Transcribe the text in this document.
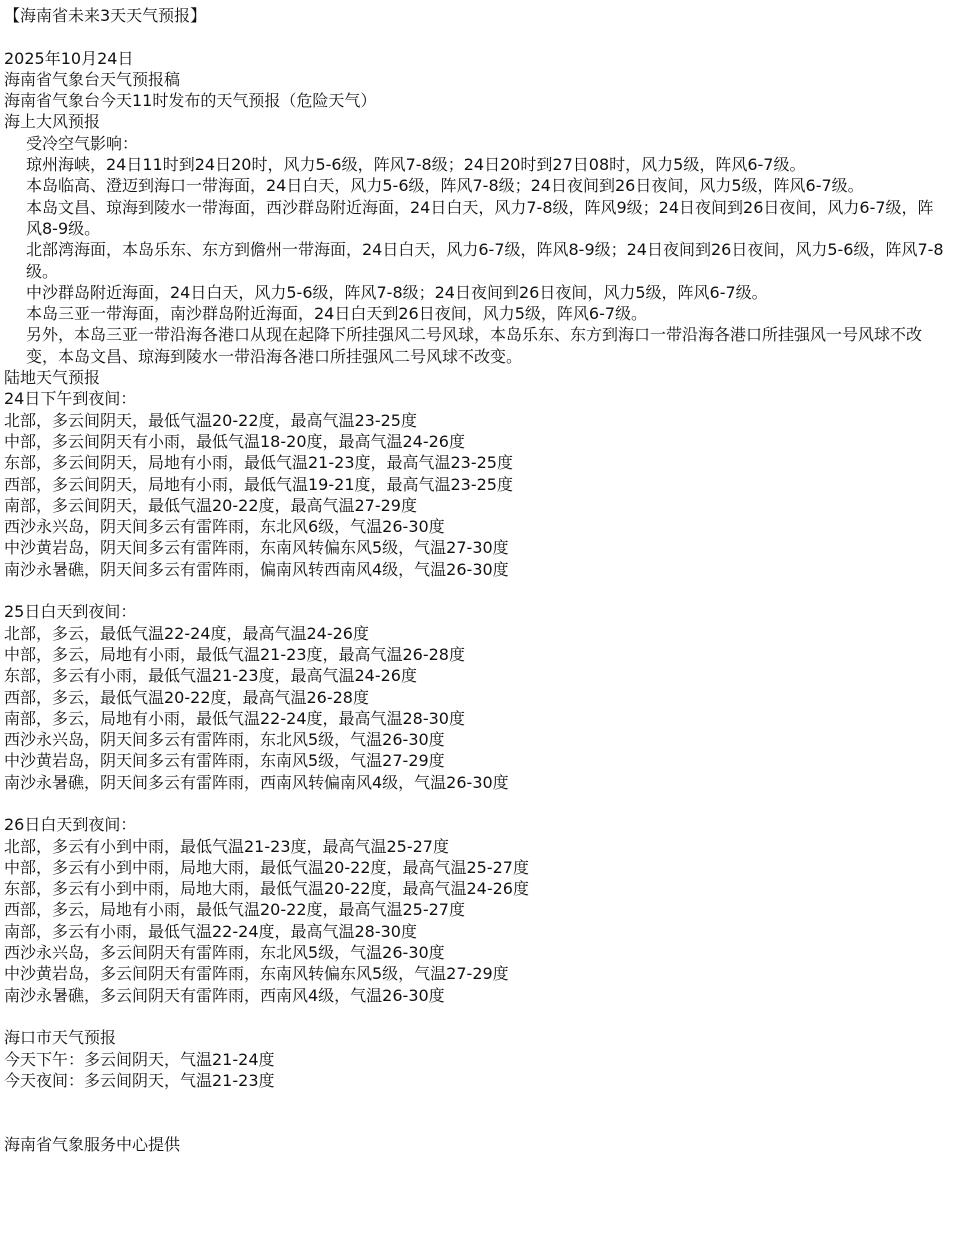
【海南省未来3天天气预报】
2025年10月24日
海南省气象台天气预报稿
海南省气象台今天11时发布的天气预报（危险天气）
海上大风预报
受冷空气影响：
琼州海峡，24日11时到24日20时，风力5-6级，阵风7-8级；24日20时到27日08时，风力5级，阵风6-7级。
本岛临高、澄迈到海口一带海面，24日白天，风力5-6级，阵风7-8级；24日夜间到26日夜间，风力5级，阵风6-7级。
本岛文昌、琼海到陵水一带海面，西沙群岛附近海面，24日白天，风力7-8级，阵风9级；24日夜间到26日夜间，风力6-7级，阵风8-9级。
北部湾海面，本岛乐东、东方到儋州一带海面，24日白天，风力6-7级，阵风8-9级；24日夜间到26日夜间，风力5-6级，阵风7-8级。
中沙群岛附近海面，24日白天，风力5-6级，阵风7-8级；24日夜间到26日夜间，风力5级，阵风6-7级。
本岛三亚一带海面，南沙群岛附近海面，24日白天到26日夜间，风力5级，阵风6-7级。
另外，本岛三亚一带沿海各港口从现在起降下所挂强风二号风球，本岛乐东、东方到海口一带沿海各港口所挂强风一号风球不改变，本岛文昌、琼海到陵水一带沿海各港口所挂强风二号风球不改变。
陆地天气预报
24日下午到夜间：
北部，多云间阴天，最低气温20-22度，最高气温23-25度
中部，多云间阴天有小雨，最低气温18-20度，最高气温24-26度
东部，多云间阴天，局地有小雨，最低气温21-23度，最高气温23-25度
西部，多云间阴天，局地有小雨，最低气温19-21度，最高气温23-25度
南部，多云间阴天，最低气温20-22度，最高气温27-29度
西沙永兴岛，阴天间多云有雷阵雨，东北风6级，气温26-30度
中沙黄岩岛，阴天间多云有雷阵雨，东南风转偏东风5级，气温27-30度
南沙永暑礁，阴天间多云有雷阵雨，偏南风转西南风4级，气温26-30度
25日白天到夜间：
北部，多云，最低气温22-24度，最高气温24-26度
中部，多云，局地有小雨，最低气温21-23度，最高气温26-28度
东部，多云有小雨，最低气温21-23度，最高气温24-26度
西部，多云，最低气温20-22度，最高气温26-28度
南部，多云，局地有小雨，最低气温22-24度，最高气温28-30度
西沙永兴岛，阴天间多云有雷阵雨，东北风5级，气温26-30度
中沙黄岩岛，阴天间多云有雷阵雨，东南风5级，气温27-29度
南沙永暑礁，阴天间多云有雷阵雨，西南风转偏南风4级，气温26-30度
26日白天到夜间：
北部，多云有小到中雨，最低气温21-23度，最高气温25-27度
中部，多云有小到中雨，局地大雨，最低气温20-22度，最高气温25-27度
东部，多云有小到中雨，局地大雨，最低气温20-22度，最高气温24-26度
西部，多云，局地有小雨，最低气温20-22度，最高气温25-27度
南部，多云有小雨，最低气温22-24度，最高气温28-30度
西沙永兴岛，多云间阴天有雷阵雨，东北风5级，气温26-30度
中沙黄岩岛，多云间阴天有雷阵雨，东南风转偏东风5级，气温27-29度
南沙永暑礁，多云间阴天有雷阵雨，西南风4级，气温26-30度
海口市天气预报
今天下午：多云间阴天，气温21-24度
今天夜间：多云间阴天，气温21-23度
海南省气象服务中心提供
